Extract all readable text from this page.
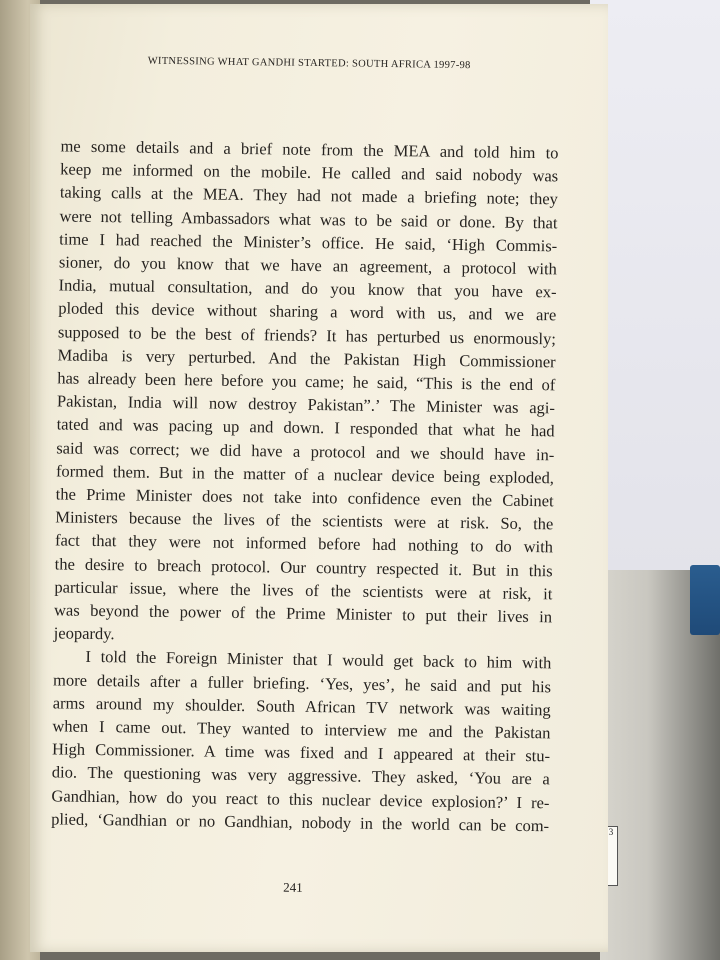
3
WITNESSING WHAT GANDHI STARTED: SOUTH AFRICA 1997-98
me some details and a brief note from the MEA and told him to
keep me informed on the mobile. He called and said nobody was
taking calls at the MEA. They had not made a briefing note; they
were not telling Ambassadors what was to be said or done. By that
time I had reached the Minister’s office. He said, ‘High Commis-
sioner, do you know that we have an agreement, a protocol with
India, mutual consultation, and do you know that you have ex-
ploded this device without sharing a word with us, and we are
supposed to be the best of friends? It has perturbed us enormously;
Madiba is very perturbed. And the Pakistan High Commissioner
has already been here before you came; he said, “This is the end of
Pakistan, India will now destroy Pakistan”.’ The Minister was agi-
tated and was pacing up and down. I responded that what he had
said was correct; we did have a protocol and we should have in-
formed them. But in the matter of a nuclear device being exploded,
the Prime Minister does not take into confidence even the Cabinet
Ministers because the lives of the scientists were at risk. So, the
fact that they were not informed before had nothing to do with
the desire to breach protocol. Our country respected it. But in this
particular issue, where the lives of the scientists were at risk, it
was beyond the power of the Prime Minister to put their lives in
jeopardy.
I told the Foreign Minister that I would get back to him with
more details after a fuller briefing. ‘Yes, yes’, he said and put his
arms around my shoulder. South African TV network was waiting
when I came out. They wanted to interview me and the Pakistan
High Commissioner. A time was fixed and I appeared at their stu-
dio. The questioning was very aggressive. They asked, ‘You are a
Gandhian, how do you react to this nuclear device explosion?’ I re-
plied, ‘Gandhian or no Gandhian, nobody in the world can be com-
241
